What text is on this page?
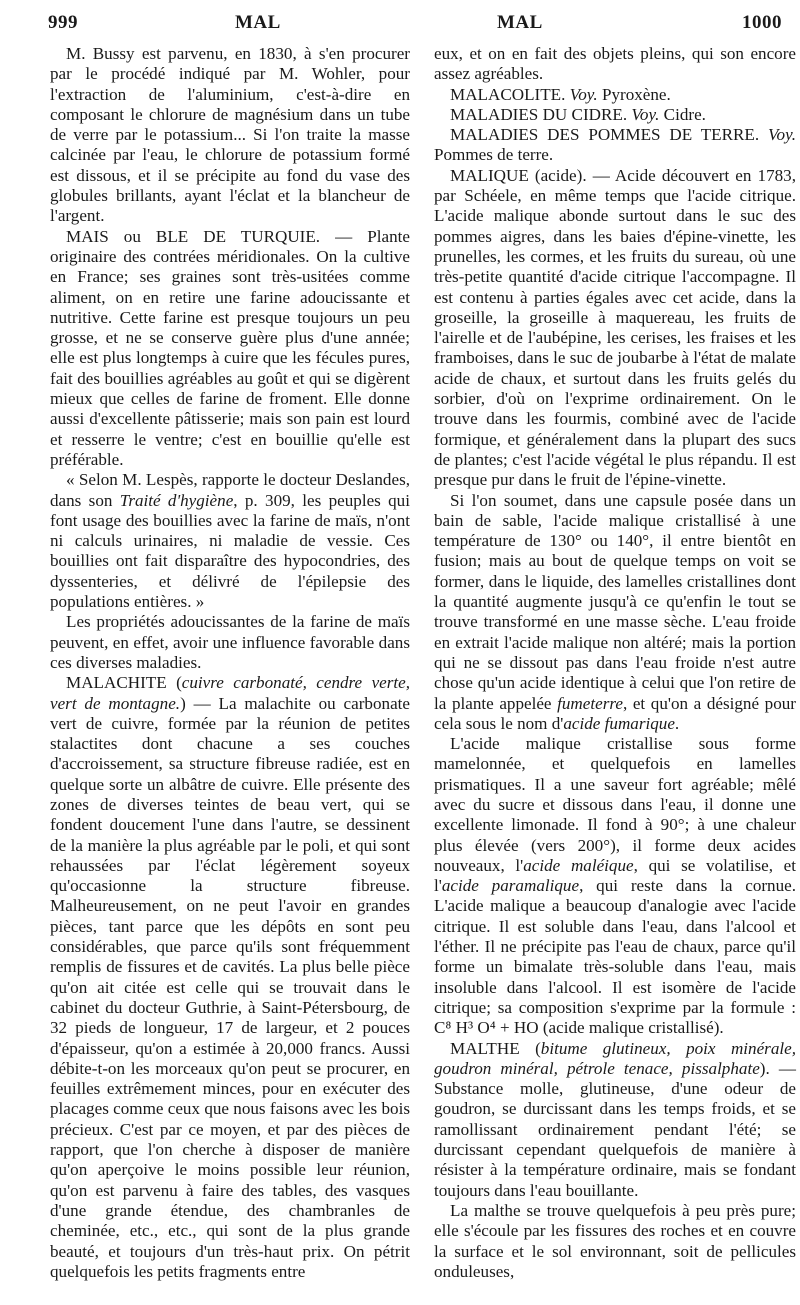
999	MAL	MAL	1000

M. Bussy est parvenu, en 1830, à s'en procurer par le procédé indiqué par M. Wohler, pour l'extraction de l'aluminium, c'est-à-dire en composant le chlorure de magnésium dans un tube de verre par le potassium... Si l'on traite la masse calcinée par l'eau, le chlorure de potassium formé est dissous, et il se précipite au fond du vase des globules brillants, ayant l'éclat et la blancheur de l'argent.

MAIS ou BLE DE TURQUIE. — Plante originaire des contrées méridionales. On la cultive en France; ses graines sont très-usitées comme aliment, on en retire une farine adoucissante et nutritive. Cette farine est presque toujours un peu grosse, et ne se conserve guère plus d'une année; elle est plus longtemps à cuire que les fécules pures, fait des bouillies agréables au goût et qui se digèrent mieux que celles de farine de froment. Elle donne aussi d'excellente pâtisserie; mais son pain est lourd et resserre le ventre; c'est en bouillie qu'elle est préférable.

« Selon M. Lespès, rapporte le docteur Deslandes, dans son Traité d'hygiène, p. 309, les peuples qui font usage des bouillies avec la farine de maïs, n'ont ni calculs urinaires, ni maladie de vessie. Ces bouillies ont fait disparaître des hypocondries, des dyssenteries, et délivré de l'épilepsie des populations entières. »

Les propriétés adoucissantes de la farine de maïs peuvent, en effet, avoir une influence favorable dans ces diverses maladies.

MALACHITE (cuivre carbonaté, cendre verte, vert de montagne.) — La malachite ou carbonate vert de cuivre, formée par la réunion de petites stalactites dont chacune a ses couches d'accroissement, sa structure fibreuse radiée, est en quelque sorte un albâtre de cuivre. Elle présente des zones de diverses teintes de beau vert, qui se fondent doucement l'une dans l'autre, se dessinent de la manière la plus agréable par le poli, et qui sont rehaussées par l'éclat légèrement soyeux qu'occasionne la structure fibreuse. Malheureusement, on ne peut l'avoir en grandes pièces, tant parce que les dépôts en sont peu considérables, que parce qu'ils sont fréquemment remplis de fissures et de cavités. La plus belle pièce qu'on ait citée est celle qui se trouvait dans le cabinet du docteur Guthrie, à Saint-Pétersbourg, de 32 pieds de longueur, 17 de largeur, et 2 pouces d'épaisseur, qu'on a estimée à 20,000 francs. Aussi débite-t-on les morceaux qu'on peut se procurer, en feuilles extrêmement minces, pour en exécuter des placages comme ceux que nous faisons avec les bois précieux. C'est par ce moyen, et par des pièces de rapport, que l'on cherche à disposer de manière qu'on aperçoive le moins possible leur réunion, qu'on est parvenu à faire des tables, des vasques d'une grande étendue, des chambranles de cheminée, etc., etc., qui sont de la plus grande beauté, et toujours d'un très-haut prix. On pétrit quelquefois les petits fragments entre

eux, et on en fait des objets pleins, qui son encore assez agréables.

MALACOLITE. Voy. Pyroxène.

MALADIES DU CIDRE. Voy. Cidre.

MALADIES DES POMMES DE TERRE. Voy. Pommes de terre.

MALIQUE (acide). — Acide découvert en 1783, par Schéele, en même temps que l'acide citrique. L'acide malique abonde surtout dans le suc des pommes aigres, dans les baies d'épine-vinette, les prunelles, les cormes, et les fruits du sureau, où une très-petite quantité d'acide citrique l'accompagne. Il est contenu à parties égales avec cet acide, dans la groseille, la groseille à maquereau, les fruits de l'airelle et de l'aubépine, les cerises, les fraises et les framboises, dans le suc de joubarbe à l'état de malate acide de chaux, et surtout dans les fruits gelés du sorbier, d'où on l'exprime ordinairement. On le trouve dans les fourmis, combiné avec de l'acide formique, et généralement dans la plupart des sucs de plantes; c'est l'acide végétal le plus répandu. Il est presque pur dans le fruit de l'épine-vinette.

Si l'on soumet, dans une capsule posée dans un bain de sable, l'acide malique cristallisé à une température de 130° ou 140°, il entre bientôt en fusion; mais au bout de quelque temps on voit se former, dans le liquide, des lamelles cristallines dont la quantité augmente jusqu'à ce qu'enfin le tout se trouve transformé en une masse sèche. L'eau froide en extrait l'acide malique non altéré; mais la portion qui ne se dissout pas dans l'eau froide n'est autre chose qu'un acide identique à celui que l'on retire de la plante appelée fumeterre, et qu'on a désigné pour cela sous le nom d'acide fumarique.

L'acide malique cristallise sous forme mamelonnée, et quelquefois en lamelles prismatiques. Il a une saveur fort agréable; mêlé avec du sucre et dissous dans l'eau, il donne une excellente limonade. Il fond à 90°; à une chaleur plus élevée (vers 200°), il forme deux acides nouveaux, l'acide maléique, qui se volatilise, et l'acide paramalique, qui reste dans la cornue. L'acide malique a beaucoup d'analogie avec l'acide citrique. Il est soluble dans l'eau, dans l'alcool et l'éther. Il ne précipite pas l'eau de chaux, parce qu'il forme un bimalate très-soluble dans l'eau, mais insoluble dans l'alcool. Il est isomère de l'acide citrique; sa composition s'exprime par la formule : C⁸ H³ O⁴ + HO (acide malique cristallisé).

MALTHE (bitume glutineux, poix minérale, goudron minéral, pétrole tenace, pissalphate). — Substance molle, glutineuse, d'une odeur de goudron, se durcissant dans les temps froids, et se ramollissant ordinairement pendant l'été; se durcissant cependant quelquefois de manière à résister à la température ordinaire, mais se fondant toujours dans l'eau bouillante.

La malthe se trouve quelquefois à peu près pure; elle s'écoule par les fissures des roches et en couvre la surface et le sol environnant, soit de pellicules onduleuses,
